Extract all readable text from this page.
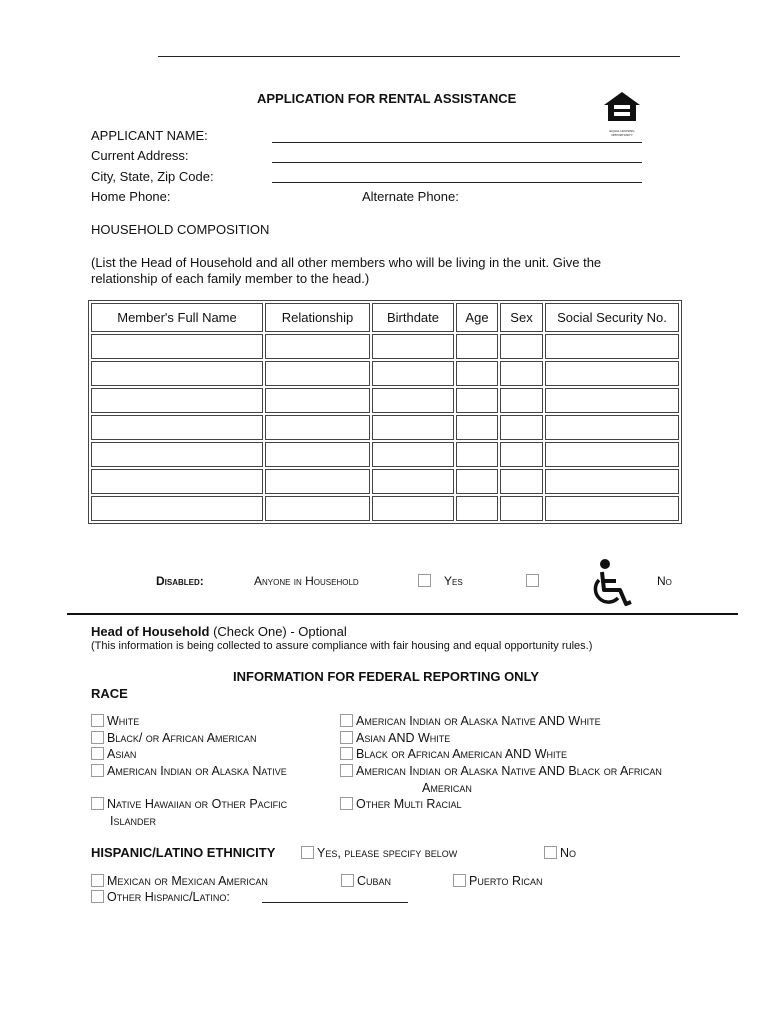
APPLICATION FOR RENTAL ASSISTANCE
EQUAL HOUSING OPPORTUNITY
APPLICANT NAME:
Current Address:
City, State, Zip Code:
Home Phone:	Alternate Phone:
HOUSEHOLD COMPOSITION
(List the Head of Household and all other members who will be living in the unit. Give the
relationship of each family member to the head.)
Member's Full Name	Relationship	Birthdate	Age	Sex	Social Security No.

Disabled:	Anyone in Household	Yes	No
Head of Household (Check One) - Optional
(This information is being collected to assure compliance with fair housing and equal opportunity rules.)
INFORMATION FOR FEDERAL REPORTING ONLY
RACE
White
Black/ or African American
Asian
American Indian or Alaska Native
Native Hawaiian or Other Pacific
Islander
American Indian or Alaska Native AND White
Asian AND White
Black or African American AND White
American Indian or Alaska Native AND Black or African
American
Other Multi Racial
HISPANIC/LATINO ETHNICITY	Yes, please specify below	No
Mexican or Mexican American	Cuban	Puerto Rican
Other Hispanic/Latino:
